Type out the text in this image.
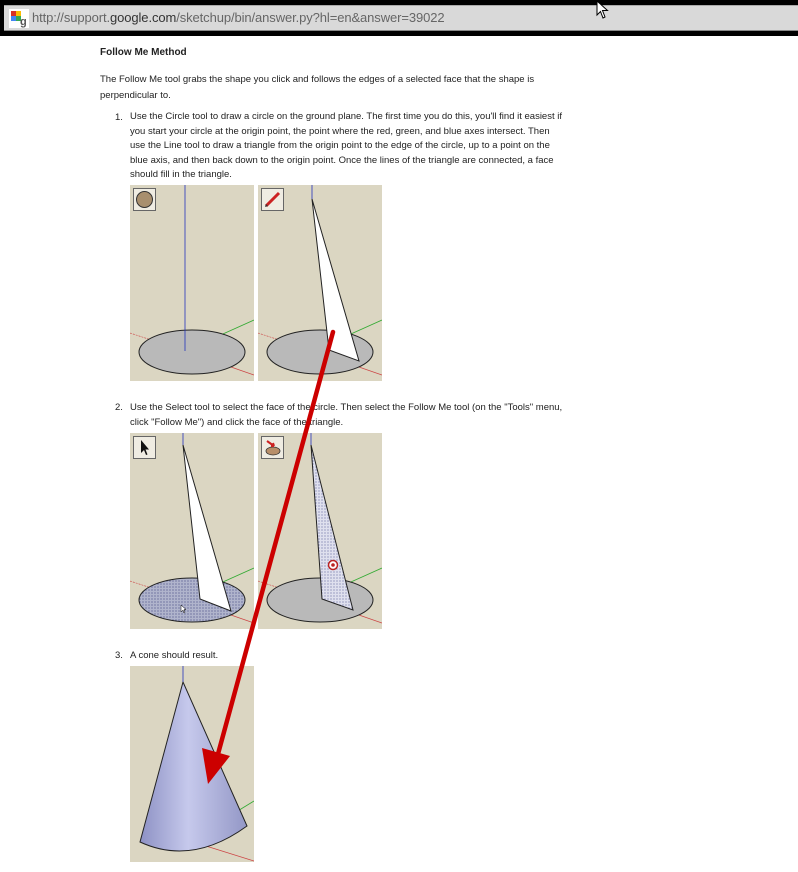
g http://support.google.com/sketchup/bin/answer.py?hl=en&answer=39022
Follow Me Method
The Follow Me tool grabs the shape you click and follows the edges of a selected face that the shape is perpendicular to.
1. Use the Circle tool to draw a circle on the ground plane. The first time you do this, you'll find it easiest if you start your circle at the origin point, the point where the red, green, and blue axes intersect. Then use the Line tool to draw a triangle from the origin point to the edge of the circle, up to a point on the blue axis, and then back down to the origin point. Once the lines of the triangle are connected, a face should fill in the triangle.
2. Use the Select tool to select the face of the circle. Then select the Follow Me tool (on the "Tools" menu, click "Follow Me") and click the face of the triangle.
3. A cone should result.
